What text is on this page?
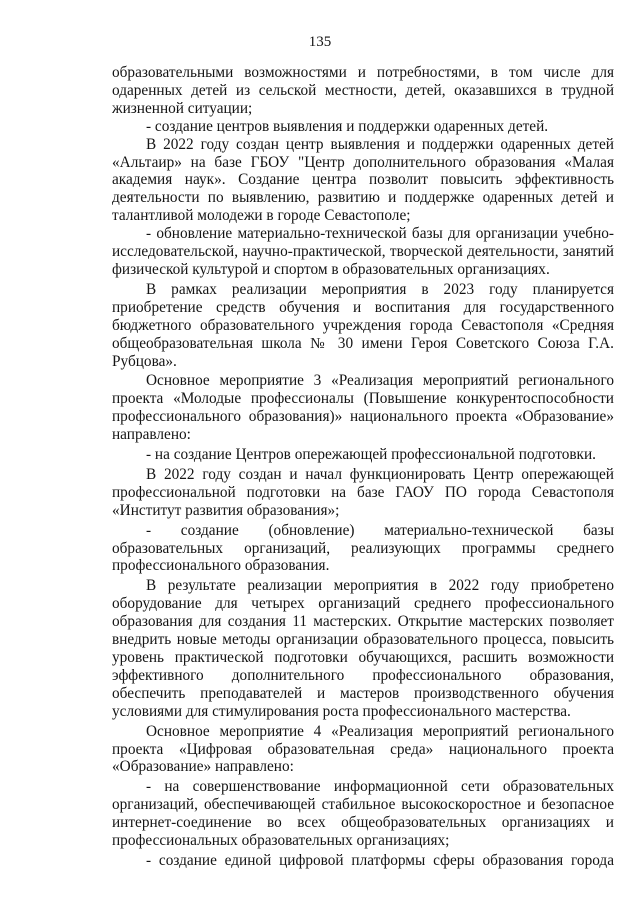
135

образовательными возможностями и потребностями, в том числе для одаренных детей из сельской местности, детей, оказавшихся в трудной жизненной ситуации;

- создание центров выявления и поддержки одаренных детей.

В 2022 году создан центр выявления и поддержки одаренных детей «Альтаир» на базе ГБОУ "Центр дополнительного образования «Малая академия наук». Создание центра позволит повысить эффективность деятельности по выявлению, развитию и поддержке одаренных детей и талантливой молодежи в городе Севастополе;

- обновление материально-технической базы для организации учебно-исследовательской, научно-практической, творческой деятельности, занятий физической культурой и спортом в образовательных организациях.

В рамках реализации мероприятия в 2023 году планируется приобретение средств обучения и воспитания для государственного бюджетного образовательного учреждения города Севастополя «Средняя общеобразовательная школа № 30 имени Героя Советского Союза Г.А. Рубцова».

Основное мероприятие 3 «Реализация мероприятий регионального проекта «Молодые профессионалы (Повышение конкурентоспособности профессионального образования)» национального проекта «Образование» направлено:

- на создание Центров опережающей профессиональной подготовки.

В 2022 году создан и начал функционировать Центр опережающей профессиональной подготовки на базе ГАОУ ПО города Севастополя «Институт развития образования»;

- создание (обновление) материально-технической базы образовательных организаций, реализующих программы среднего профессионального образования.

В результате реализации мероприятия в 2022 году приобретено оборудование для четырех организаций среднего профессионального образования для создания 11 мастерских. Открытие мастерских позволяет внедрить новые методы организации образовательного процесса, повысить уровень практической подготовки обучающихся, расшить возможности эффективного дополнительного профессионального образования, обеспечить преподавателей и мастеров производственного обучения условиями для стимулирования роста профессионального мастерства.

Основное мероприятие 4 «Реализация мероприятий регионального проекта «Цифровая образовательная среда» национального проекта «Образование» направлено:

- на совершенствование информационной сети образовательных организаций, обеспечивающей стабильное высокоскоростное и безопасное интернет-соединение во всех общеобразовательных организациях и профессиональных образовательных организациях;

- создание единой цифровой платформы сферы образования города
